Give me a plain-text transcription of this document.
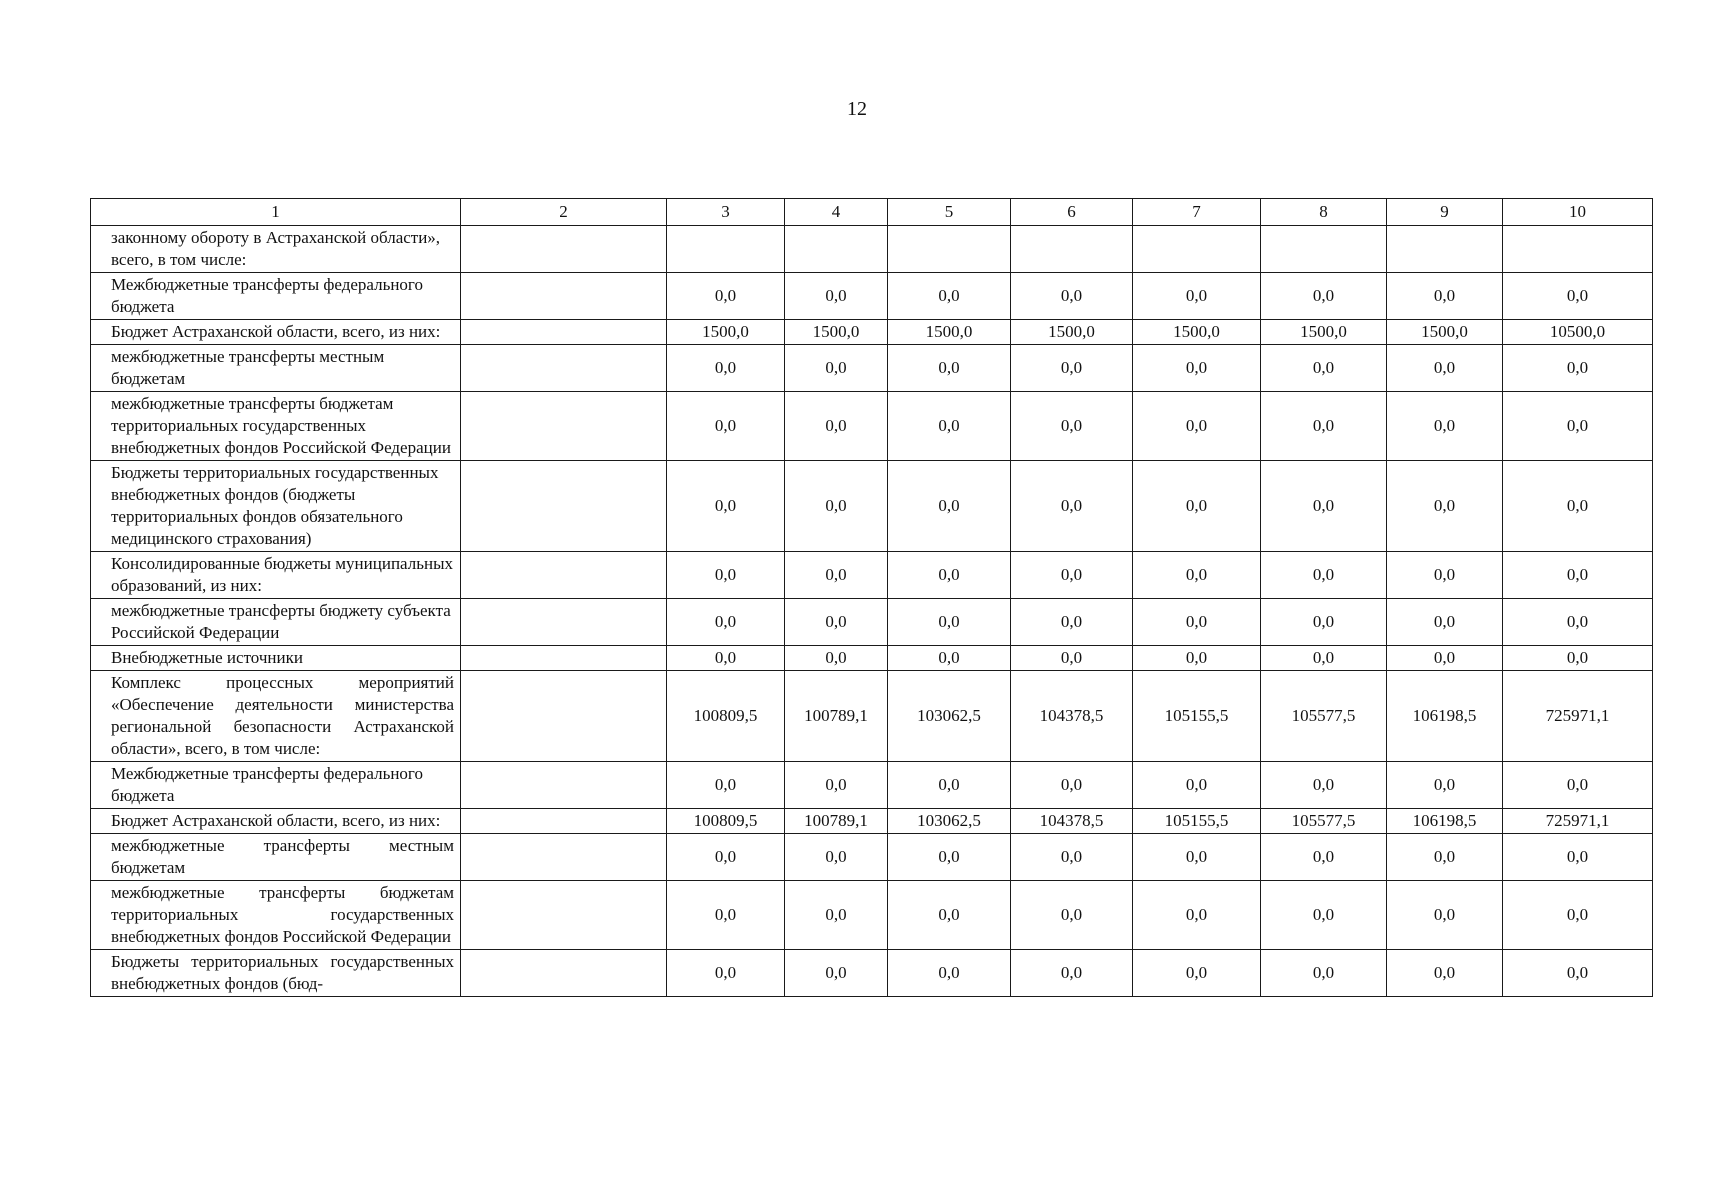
12
1	2	3	4	5	6	7	8	9	10
законному обороту в Астраханской области», всего, в том числе:									
Межбюджетные трансферты федерального бюджета		0,0	0,0	0,0	0,0	0,0	0,0	0,0	0,0
Бюджет Астраханской области, всего, из них:		1500,0	1500,0	1500,0	1500,0	1500,0	1500,0	1500,0	10500,0
межбюджетные трансферты местным бюджетам		0,0	0,0	0,0	0,0	0,0	0,0	0,0	0,0
межбюджетные трансферты бюджетам территориальных государственных внебюджетных фондов Российской Федерации		0,0	0,0	0,0	0,0	0,0	0,0	0,0	0,0
Бюджеты территориальных государственных внебюджетных фондов (бюджеты территориальных фондов обязательного медицинского страхования)		0,0	0,0	0,0	0,0	0,0	0,0	0,0	0,0
Консолидированные бюджеты муниципальных образований, из них:		0,0	0,0	0,0	0,0	0,0	0,0	0,0	0,0
межбюджетные трансферты бюджету субъекта Российской Федерации		0,0	0,0	0,0	0,0	0,0	0,0	0,0	0,0
Внебюджетные источники		0,0	0,0	0,0	0,0	0,0	0,0	0,0	0,0
Комплекс процессных мероприятий «Обеспечение деятельности министерства региональной безопасности Астраханской области», всего, в том числе:		100809,5	100789,1	103062,5	104378,5	105155,5	105577,5	106198,5	725971,1
Межбюджетные трансферты федерального бюджета		0,0	0,0	0,0	0,0	0,0	0,0	0,0	0,0
Бюджет Астраханской области, всего, из них:		100809,5	100789,1	103062,5	104378,5	105155,5	105577,5	106198,5	725971,1
межбюджетные трансферты местным бюджетам		0,0	0,0	0,0	0,0	0,0	0,0	0,0	0,0
межбюджетные трансферты бюджетам территориальных государственных внебюджетных фондов Российской Федерации		0,0	0,0	0,0	0,0	0,0	0,0	0,0	0,0
Бюджеты территориальных государственных внебюджетных фондов (бюд-		0,0	0,0	0,0	0,0	0,0	0,0	0,0	0,0
